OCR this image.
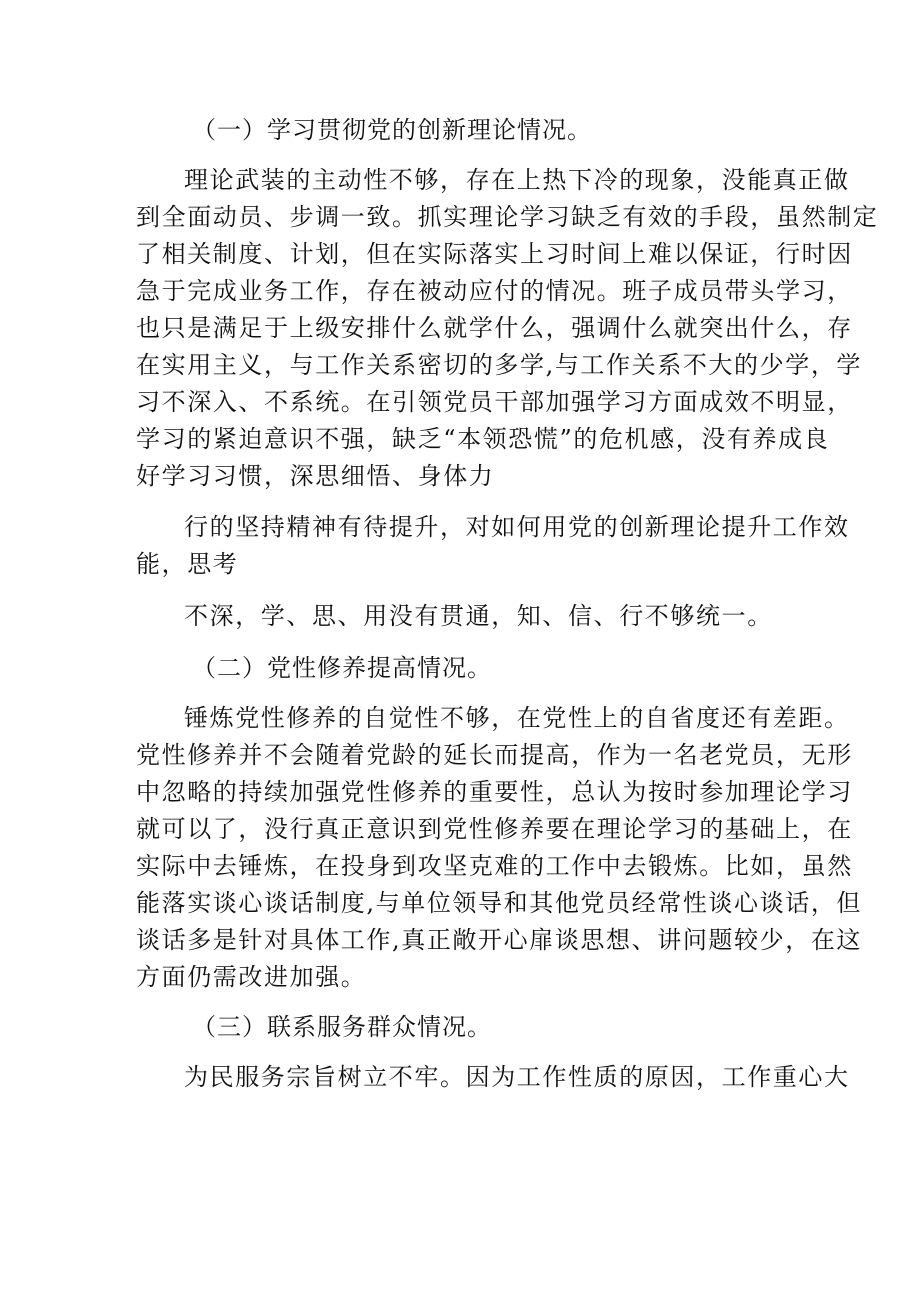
（一）学习贯彻党的创新理论情况。
理论武装的主动性不够，存在上热下冷的现象，没能真正做
到全面动员、步调一致。抓实理论学习缺乏有效的手段，虽然制定
了相关制度、计划，但在实际落实上习时间上难以保证，行时因
急于完成业务工作，存在被动应付的情况。班子成员带头学习，
也只是满足于上级安排什么就学什么，强调什么就突出什么，存
在实用主义，与工作关系密切的多学,与工作关系不大的少学，学
习不深入、不系统。在引领党员干部加强学习方面成效不明显，
学习的紧迫意识不强，缺乏“本领恐慌”的危机感，没有养成良
好学习习惯，深思细悟、身体力
行的坚持精神有待提升，对如何用党的创新理论提升工作效
能，思考
不深，学、思、用没有贯通，知、信、行不够统一。
（二）党性修养提高情况。
锤炼党性修养的自觉性不够，在党性上的自省度还有差距。
党性修养并不会随着党龄的延长而提高，作为一名老党员，无形
中忽略的持续加强党性修养的重要性，总认为按时参加理论学习
就可以了，没行真正意识到党性修养要在理论学习的基础上，在
实际中去锤炼，在投身到攻坚克难的工作中去锻炼。比如，虽然
能落实谈心谈话制度,与单位领导和其他党员经常性谈心谈话，但
谈话多是针对具体工作,真正敞开心扉谈思想、讲问题较少，在这
方面仍需改进加强。
（三）联系服务群众情况。
为民服务宗旨树立不牢。因为工作性质的原因，工作重心大
